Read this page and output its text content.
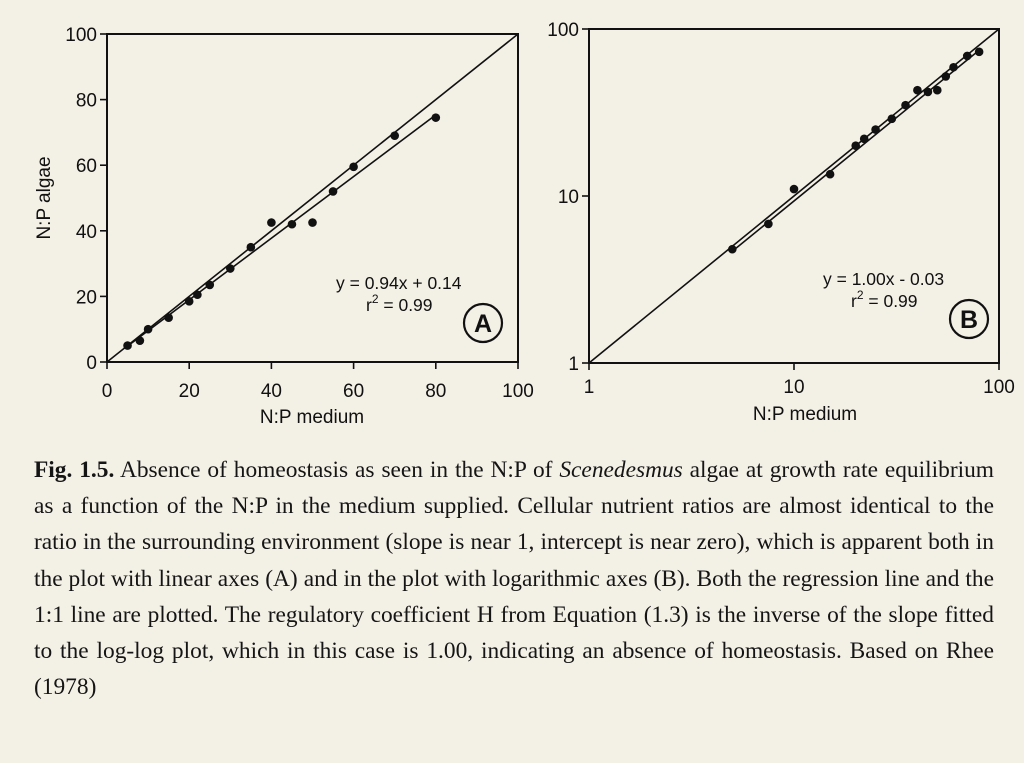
0	20	40	60	80	100
0
20
40
60
80
100
N:P medium
N:P algae
y = 0.94x + 0.14
$r^2 = 0.99$
A
1	10	100
1
10
100
N:P medium
y = 1.00x - 0.03
$r^2 = 0.99$
B
Fig. 1.5. Absence of homeostasis as seen in the N:P of Scenedesmus algae at growth rate equilibrium as a function of the N:P in the medium supplied. Cellular nutrient ratios are almost identical to the ratio in the surrounding environment (slope is near 1, intercept is near zero), which is apparent both in the plot with linear axes (A) and in the plot with logarithmic axes (B). Both the regression line and the 1:1 line are plotted. The regulatory coefficient H from Equation (1.3) is the inverse of the slope fitted to the log-log plot, which in this case is 1.00, indicating an absence of homeostasis. Based on Rhee (1978)
